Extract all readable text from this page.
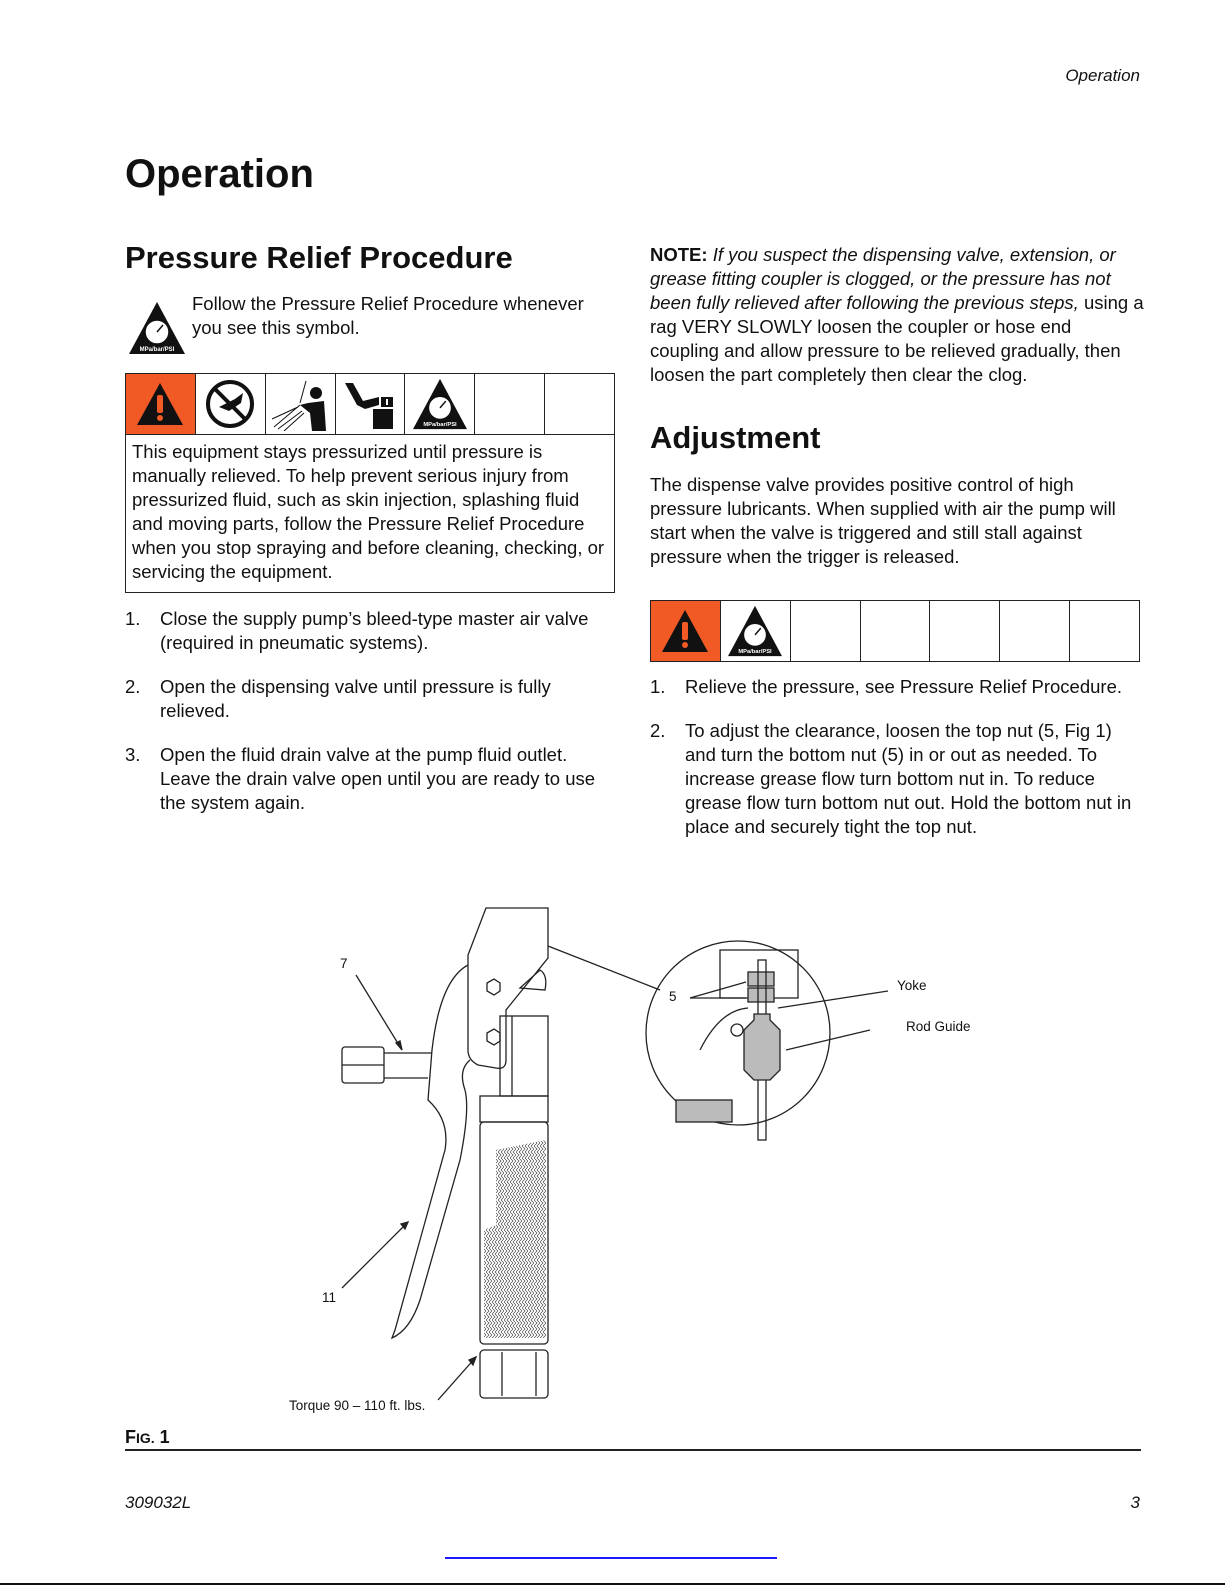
Operation
Operation
Pressure Relief Procedure
MPa/bar/PSI
Follow the Pressure Relief Procedure whenever you see this symbol.
MPa/bar/PSI
This equipment stays pressurized until pressure is manually relieved. To help prevent serious injury from pressurized fluid, such as skin injection, splashing fluid and moving parts, follow the Pressure Relief Procedure when you stop spraying and before cleaning, checking, or servicing the equipment.
1.	Close the supply pump’s bleed-type master air valve (required in pneumatic systems).
2.	Open the dispensing valve until pressure is fully relieved.
3.	Open the fluid drain valve at the pump fluid outlet. Leave the drain valve open until you are ready to use the system again.
NOTE: If you suspect the dispensing valve, extension, or grease fitting coupler is clogged, or the pressure has not been fully relieved after following the previous steps, using a rag VERY SLOWLY loosen the coupler or hose end coupling and allow pressure to be relieved gradually, then loosen the part completely then clear the clog.
Adjustment
The dispense valve provides positive control of high pressure lubricants. When supplied with air the pump will start when the valve is triggered and still stall against pressure when the trigger is released.
MPa/bar/PSI
1.	Relieve the pressure, see Pressure Relief Procedure.
2.	To adjust the clearance, loosen the top nut (5, Fig 1) and turn the bottom nut (5) in or out as needed. To increase grease flow turn bottom nut in. To reduce grease flow turn bottom nut out. Hold the bottom nut in place and securely tight the top nut.
7
11
5
Yoke
Rod Guide
Torque 90 – 110 ft. lbs.
FIG. 1
309032L	3
